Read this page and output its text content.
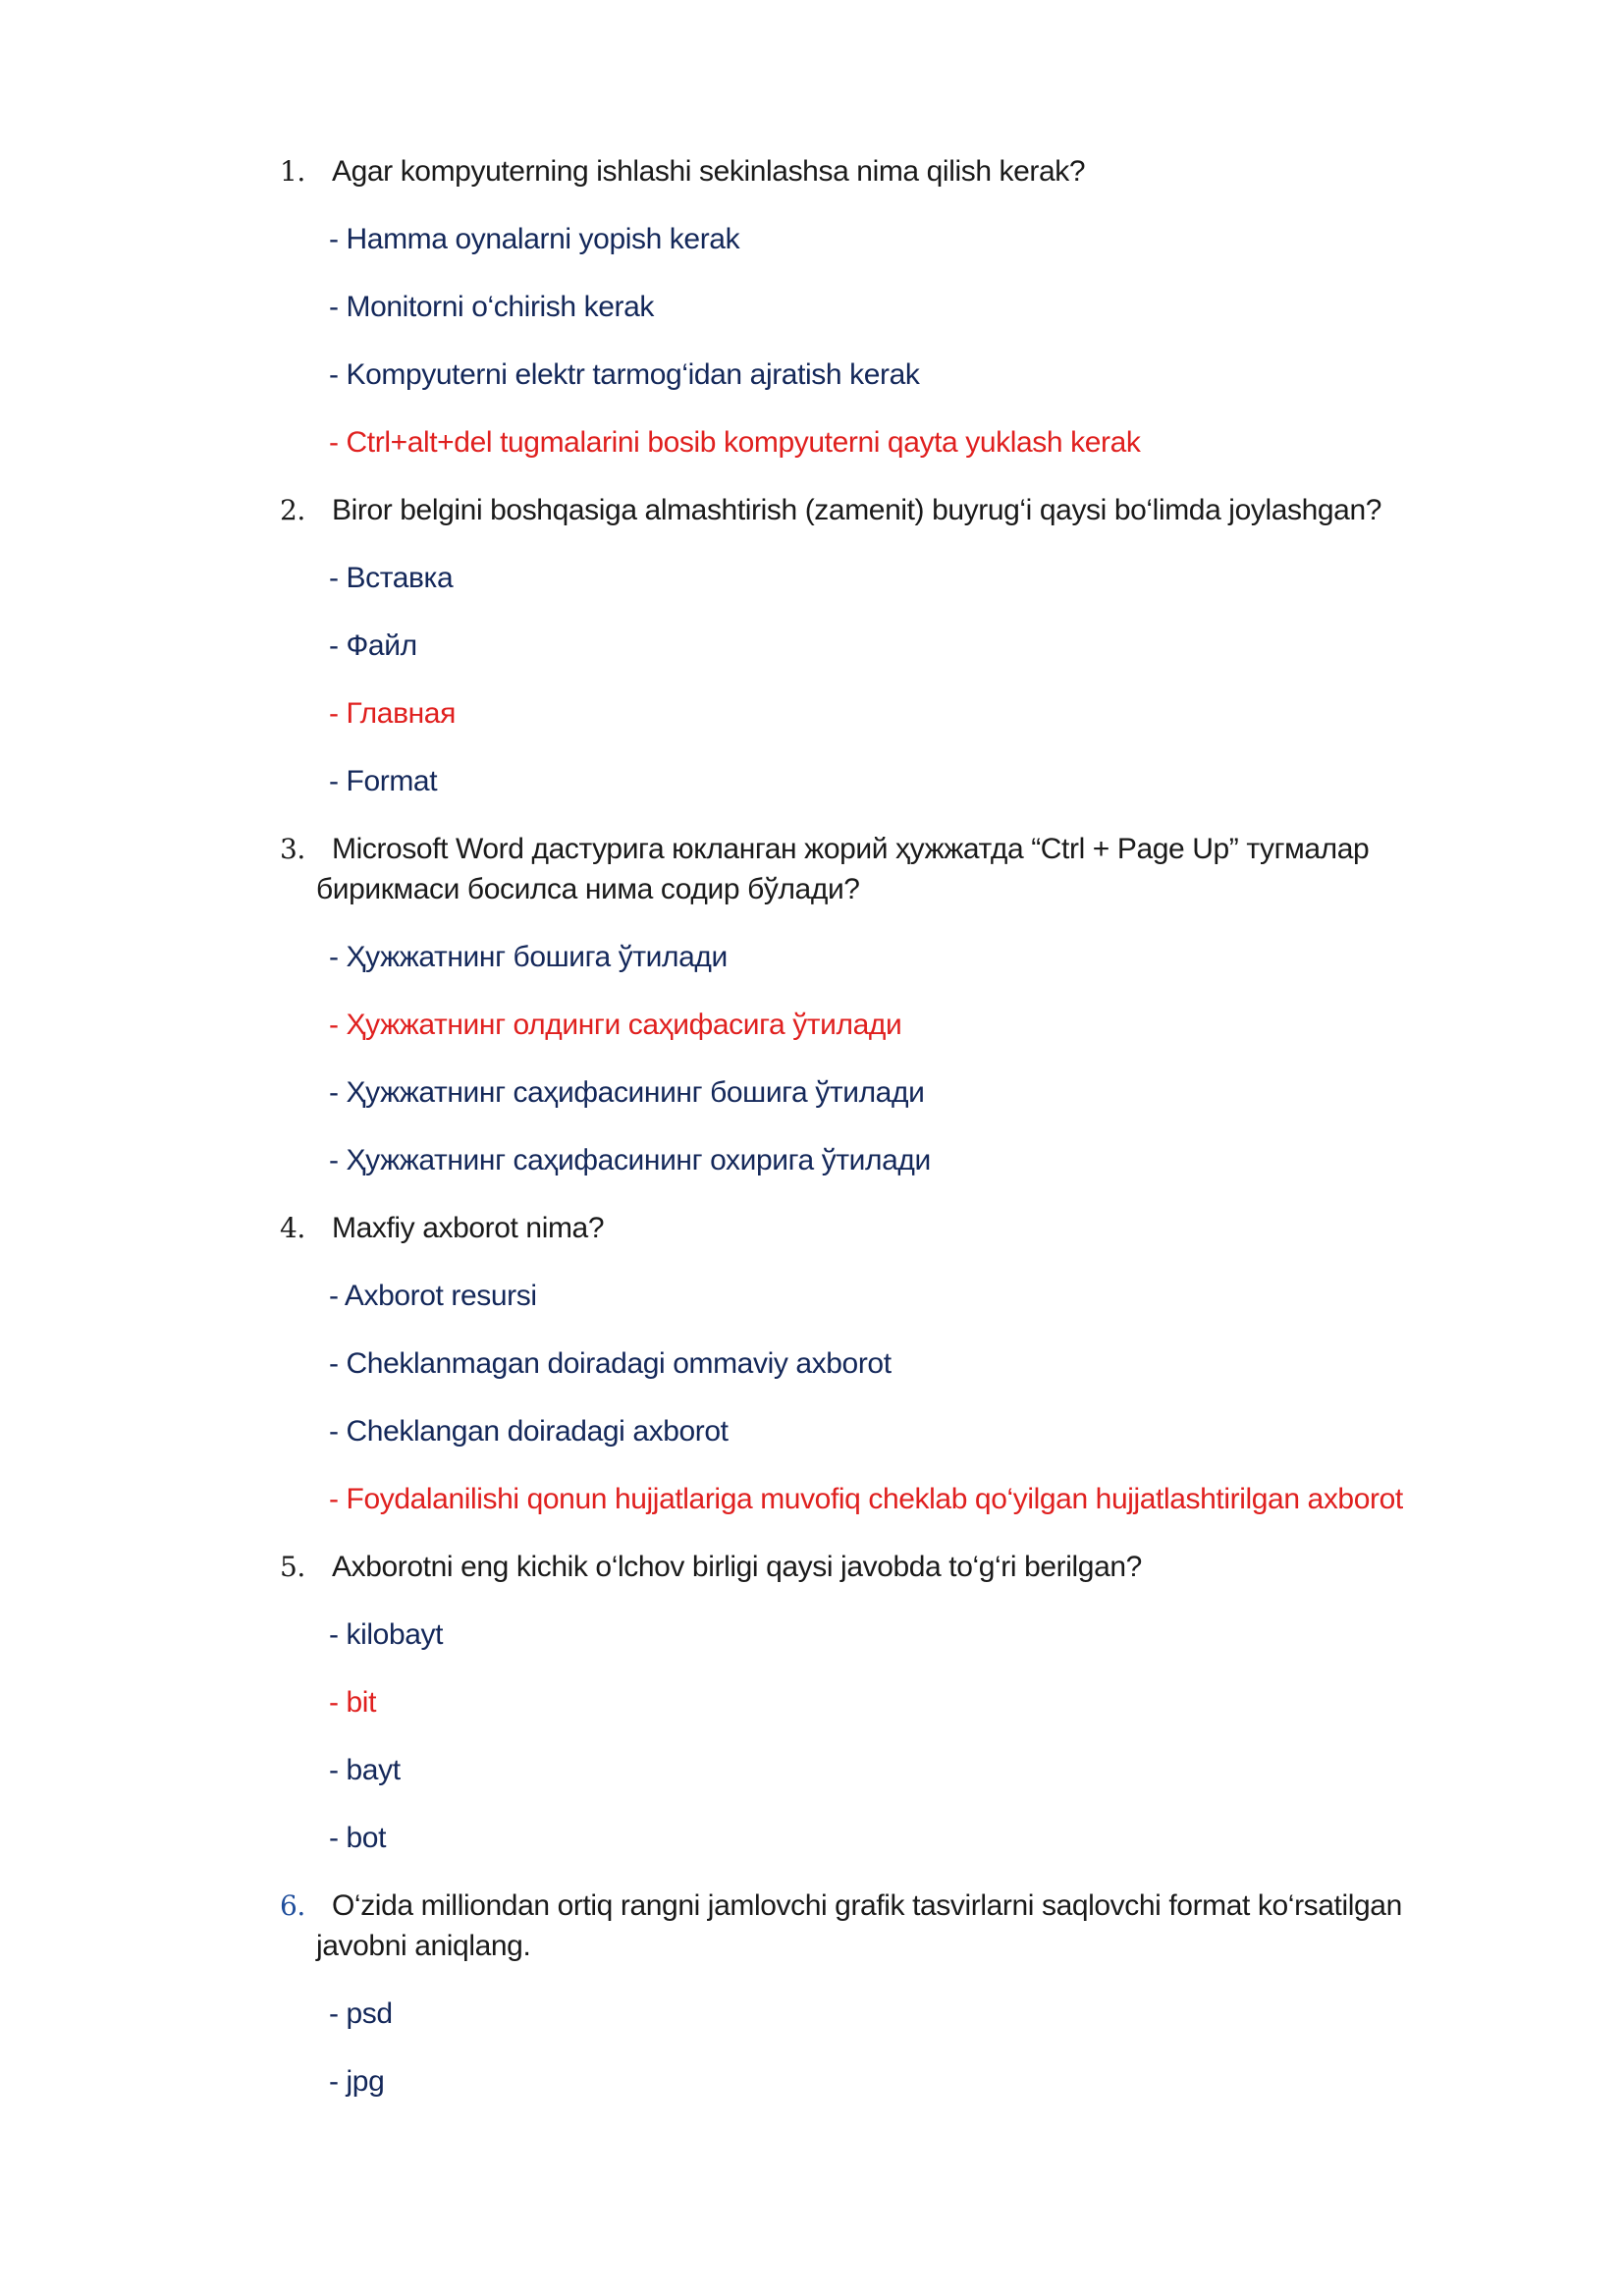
1. Agar kompyuterning ishlashi sekinlashsa nima qilish kerak?
- Hamma oynalarni yopish kerak
- Monitorni o‘chirish kerak
- Kompyuterni elektr tarmog‘idan ajratish kerak
- Ctrl+alt+del tugmalarini bosib kompyuterni qayta yuklash kerak
2. Biror belgini boshqasiga almashtirish (zamenit) buyrug‘i qaysi bo‘limda joylashgan?
- Вставка
- Файл
- Главная
- Format
3. Microsoft Word дастурига юкланган жорий ҳужжатда “Ctrl + Page Up” тугмалар бирикмаси босилса нима содир бўлади?
- Ҳужжатнинг бошига ўтилади
- Ҳужжатнинг олдинги саҳифасига ўтилади
- Ҳужжатнинг саҳифасининг бошига ўтилади
- Ҳужжатнинг саҳифасининг охирига ўтилади
4. Maxfiy axborot nima?
- Axborot resursi
- Cheklanmagan doiradagi ommaviy axborot
- Cheklangan doiradagi axborot
- Foydalanilishi qonun hujjatlariga muvofiq cheklab qo‘yilgan hujjatlashtirilgan axborot
5. Axborotni eng kichik o‘lchov birligi qaysi javobda to‘g‘ri berilgan?
- kilobayt
- bit
- bayt
- bot
6. O‘zida milliondan ortiq rangni jamlovchi grafik tasvirlarni saqlovchi format ko‘rsatilgan javobni aniqlang.
- psd
- jpg
